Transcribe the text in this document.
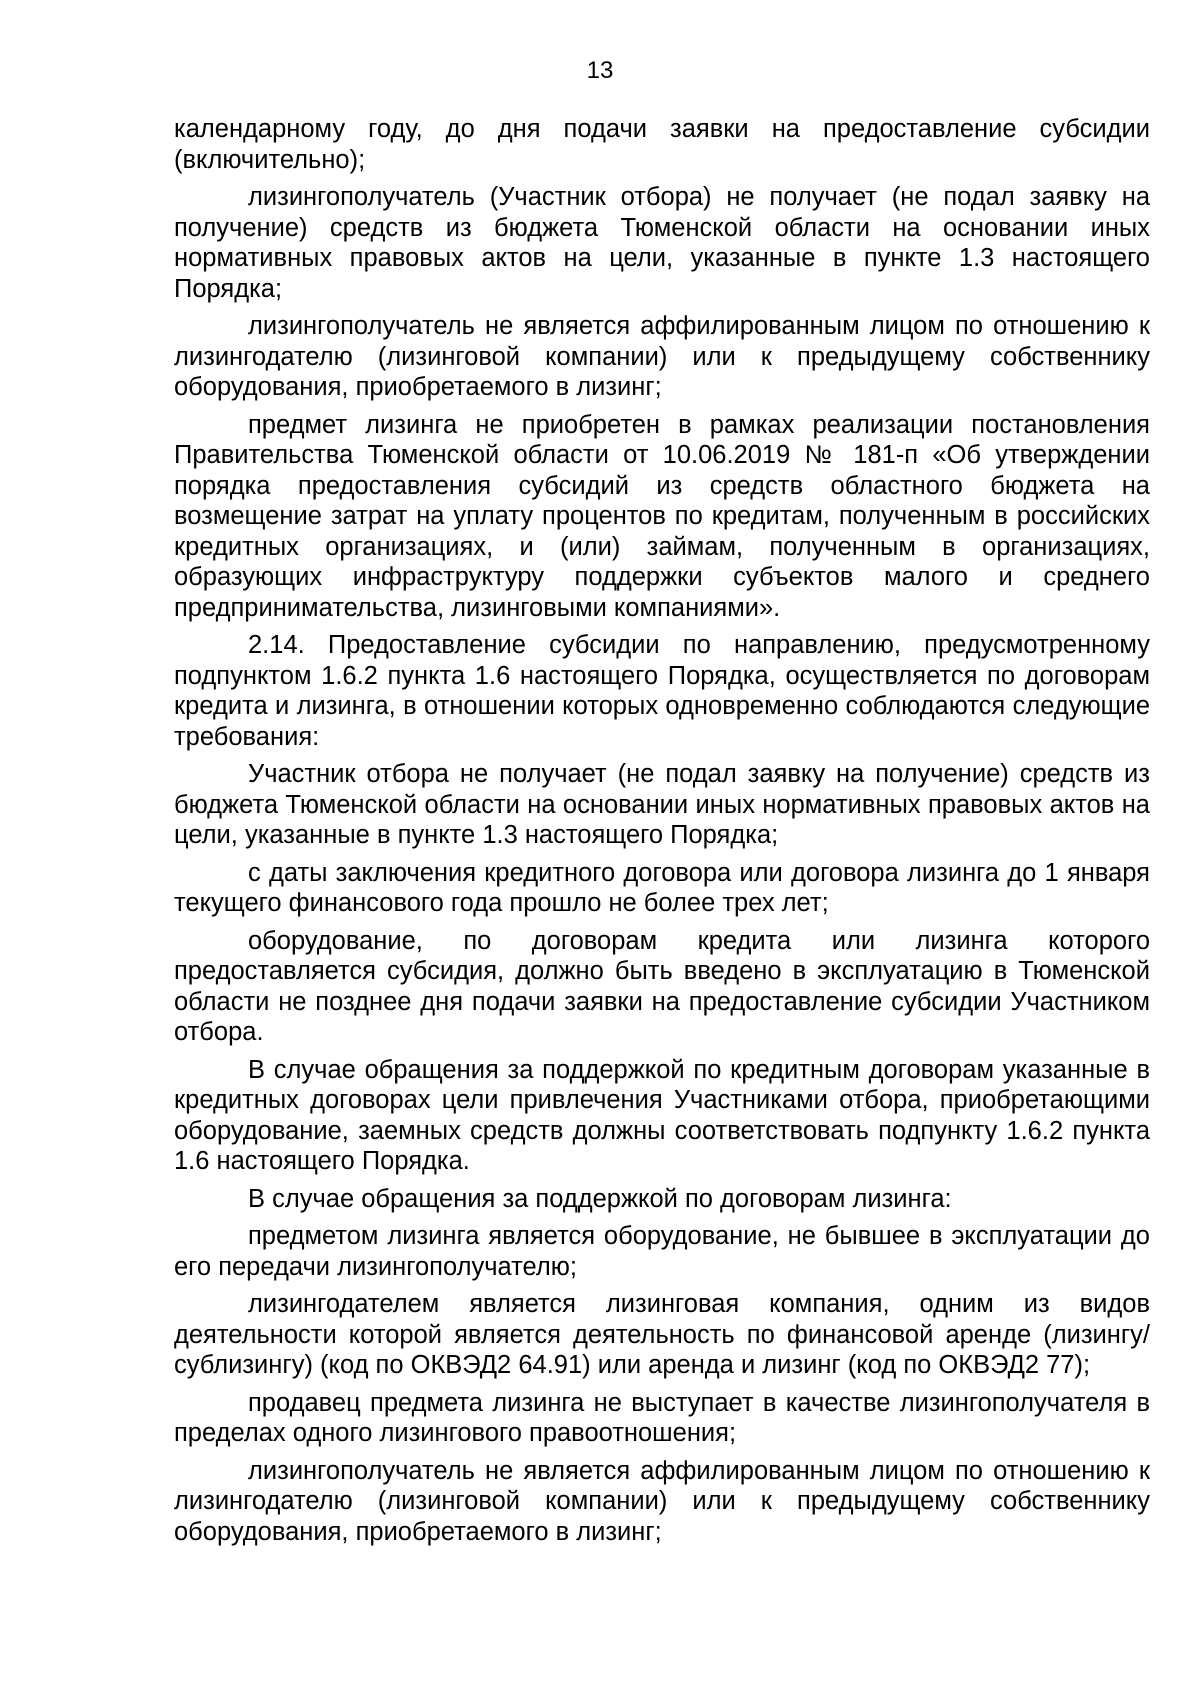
13

календарному году, до дня подачи заявки на предоставление субсидии (включительно);

лизингополучатель (Участник отбора) не получает (не подал заявку на получение) средств из бюджета Тюменской области на основании иных нормативных правовых актов на цели, указанные в пункте 1.3 настоящего Порядка;

лизингополучатель не является аффилированным лицом по отношению к лизингодателю (лизинговой компании) или к предыдущему собственнику оборудования, приобретаемого в лизинг;

предмет лизинга не приобретен в рамках реализации постановления Правительства Тюменской области от 10.06.2019 № 181-п «Об утверждении порядка предоставления субсидий из средств областного бюджета на возмещение затрат на уплату процентов по кредитам, полученным в российских кредитных организациях, и (или) займам, полученным в организациях, образующих инфраструктуру поддержки субъектов малого и среднего предпринимательства, лизинговыми компаниями».

2.14. Предоставление субсидии по направлению, предусмотренному подпунктом 1.6.2 пункта 1.6 настоящего Порядка, осуществляется по договорам кредита и лизинга, в отношении которых одновременно соблюдаются следующие требования:

Участник отбора не получает (не подал заявку на получение) средств из бюджета Тюменской области на основании иных нормативных правовых актов на цели, указанные в пункте 1.3 настоящего Порядка;

с даты заключения кредитного договора или договора лизинга до 1 января текущего финансового года прошло не более трех лет;

оборудование, по договорам кредита или лизинга которого предоставляется субсидия, должно быть введено в эксплуатацию в Тюменской области не позднее дня подачи заявки на предоставление субсидии Участником отбора.

В случае обращения за поддержкой по кредитным договорам указанные в кредитных договорах цели привлечения Участниками отбора, приобретающими оборудование, заемных средств должны соответствовать подпункту 1.6.2 пункта 1.6 настоящего Порядка.

В случае обращения за поддержкой по договорам лизинга:

предметом лизинга является оборудование, не бывшее в эксплуатации до его передачи лизингополучателю;

лизингодателем является лизинговая компания, одним из видов деятельности которой является деятельность по финансовой аренде (лизингу/сублизингу) (код по ОКВЭД2 64.91) или аренда и лизинг (код по ОКВЭД2 77);

продавец предмета лизинга не выступает в качестве лизингополучателя в пределах одного лизингового правоотношения;

лизингополучатель не является аффилированным лицом по отношению к лизингодателю (лизинговой компании) или к предыдущему собственнику оборудования, приобретаемого в лизинг;
